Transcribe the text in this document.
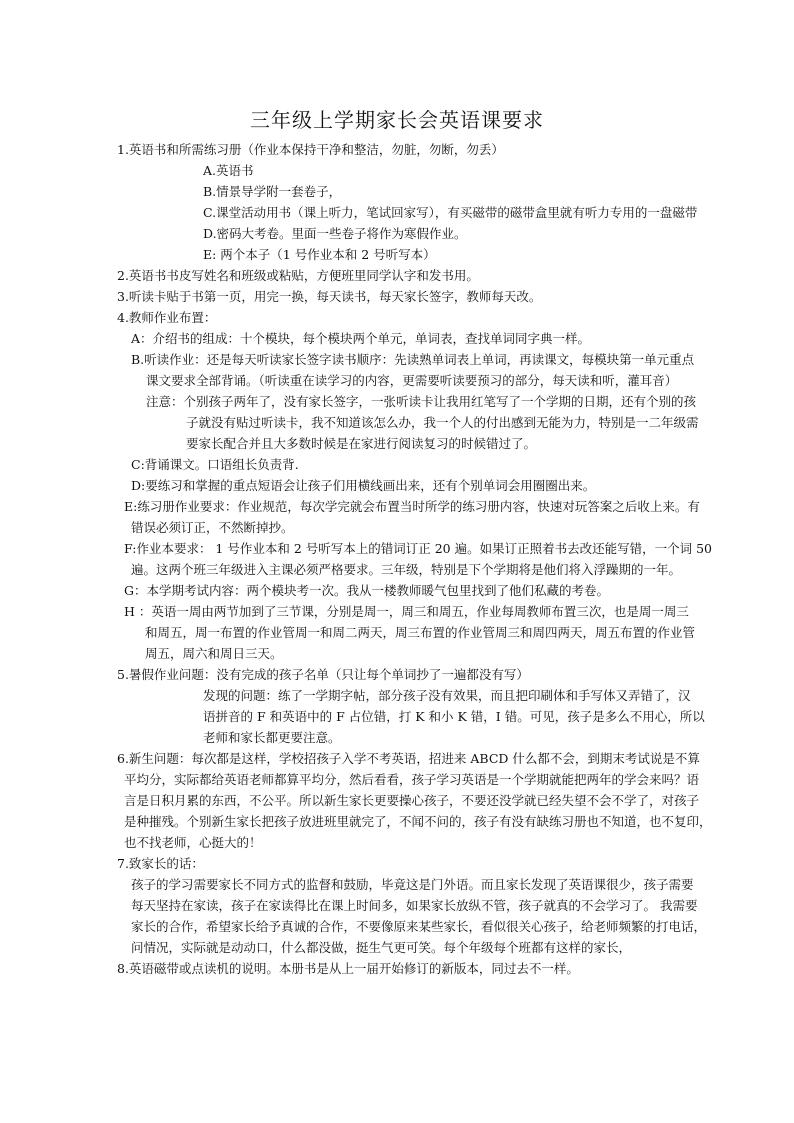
三年级上学期家长会英语课要求
1.英语书和所需练习册（作业本保持干净和整洁，勿脏，勿断，勿丢）
A.英语书
B.情景导学附一套卷子，
C.课堂活动用书（课上听力，笔试回家写），有买磁带的磁带盒里就有听力专用的一盘磁带
D.密码大考卷。里面一些卷子将作为寒假作业。
E: 两个本子（1 号作业本和 2 号听写本）
2.英语书书皮写姓名和班级或粘贴，方便班里同学认字和发书用。
3.听读卡贴于书第一页，用完一换，每天读书，每天家长签字，教师每天改。
4.教师作业布置：
A：介绍书的组成：十个模块，每个模块两个单元，单词表，查找单词同字典一样。
B.听读作业：还是每天听读家长签字读书顺序：先读熟单词表上单词，再读课文，每模块第一单元重点
课文要求全部背诵。（听读重在读学习的内容，更需要听读要预习的部分，每天读和听，灌耳音）
注意：个别孩子两年了，没有家长签字，一张听读卡让我用红笔写了一个学期的日期，还有个别的孩
子就没有贴过听读卡，我不知道该怎么办，我一个人的付出感到无能为力，特别是一二年级需
要家长配合并且大多数时候是在家进行阅读复习的时候错过了。
C:背诵课文。口语组长负责背.
D:要练习和掌握的重点短语会让孩子们用横线画出来，还有个别单词会用圈圈出来。
E:练习册作业要求：作业规范，每次学完就会布置当时所学的练习册内容，快速对玩答案之后收上来。有
错误必须订正，不然断掉抄。
F:作业本要求： 1 号作业本和 2 号听写本上的错词订正 20 遍。如果订正照着书去改还能写错，一个词 50
遍。这两个班三年级进入主课必须严格要求。三年级，特别是下个学期将是他们将入浮躁期的一年。
G：本学期考试内容：两个模块考一次。我从一楼教师暖气包里找到了他们私藏的考卷。
H ：英语一周由两节加到了三节课，分别是周一，周三和周五，作业每周教师布置三次，也是周一周三
和周五，周一布置的作业管周一和周二两天，周三布置的作业管周三和周四两天，周五布置的作业管
周五，周六和周日三天。
5.暑假作业问题：没有完成的孩子名单（只让每个单词抄了一遍都没有写）
发现的问题：练了一学期字帖，部分孩子没有效果，而且把印刷体和手写体又弄错了，汉
语拼音的 F 和英语中的 F 占位错，打 K 和小 K 错，I 错。可见，孩子是多么不用心，所以
老师和家长都更要注意。
6.新生问题：每次都是这样，学校招孩子入学不考英语，招进来 ABCD 什么都不会，到期末考试说是不算
平均分，实际都给英语老师都算平均分，然后看看，孩子学习英语是一个学期就能把两年的学会来吗？语
言是日积月累的东西，不公平。所以新生家长更要操心孩子，不要还没学就已经失望不会不学了，对孩子
是种摧残。个别新生家长把孩子放进班里就完了，不闻不问的，孩子有没有缺练习册也不知道，也不复印，
也不找老师，心挺大的！
7.致家长的话：
孩子的学习需要家长不同方式的监督和鼓励，毕竟这是门外语。而且家长发现了英语课很少，孩子需要
每天坚持在家读，孩子在家读得比在课上时间多，如果家长放纵不管，孩子就真的不会学习了。 我需要
家长的合作，希望家长给予真诚的合作，不要像原来某些家长，看似很关心孩子，给老师频繁的打电话，
问情况，实际就是动动口，什么都没做，挺生气更可笑。每个年级每个班都有这样的家长，
8.英语磁带或点读机的说明。本册书是从上一届开始修订的新版本，同过去不一样。
